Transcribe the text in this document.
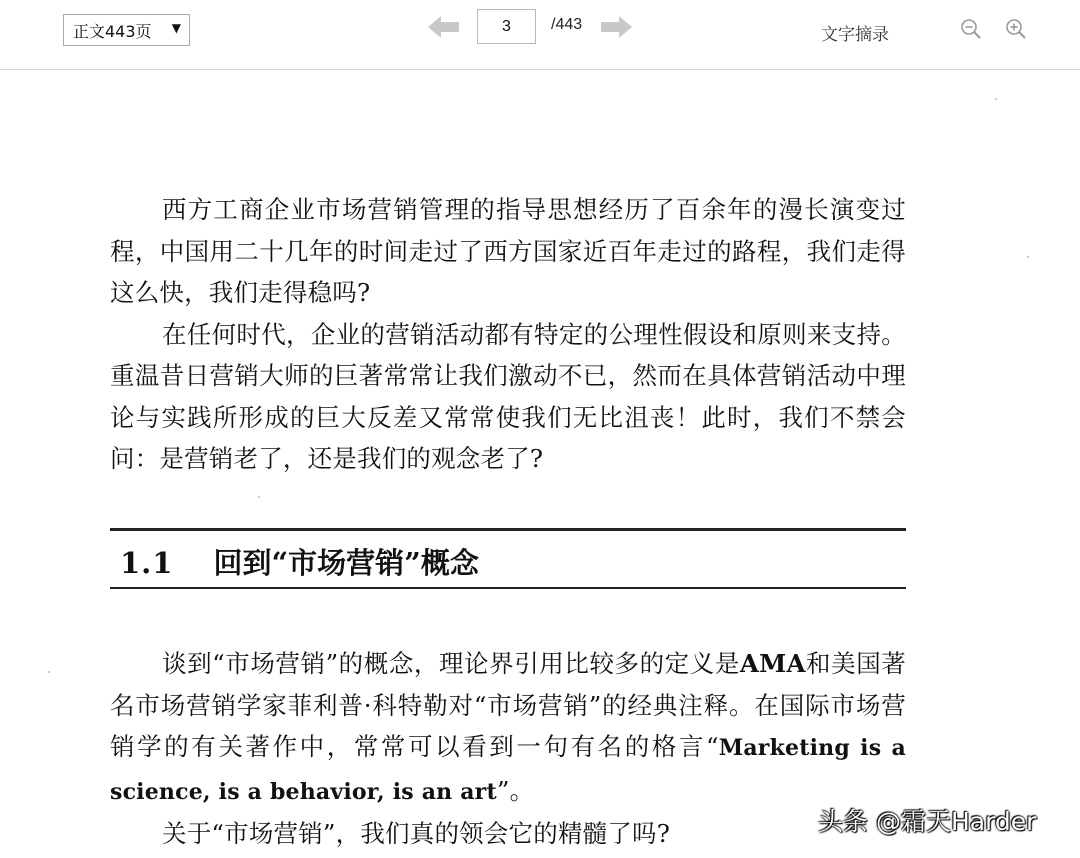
正文443页 ▼	3	/443
文字摘录

西方工商企业市场营销管理的指导思想经历了百余年的漫长演变过程，中国用二十几年的时间走过了西方国家近百年走过的路程，我们走得这么快，我们走得稳吗?

在任何时代，企业的营销活动都有特定的公理性假设和原则来支持。重温昔日营销大师的巨著常常让我们激动不已，然而在具体营销活动中理论与实践所形成的巨大反差又常常使我们无比沮丧！此时，我们不禁会问：是营销老了，还是我们的观念老了?

1.1 回到“市场营销”概念

谈到“市场营销”的概念，理论界引用比较多的定义是AMA和美国著名市场营销学家菲利普·科特勒对“市场营销”的经典注释。在国际市场营销学的有关著作中，常常可以看到一句有名的格言“Marketing is a science, is a behavior, is an art”。

关于“市场营销”，我们真的领会它的精髓了吗?	头条 @霜天Harder
